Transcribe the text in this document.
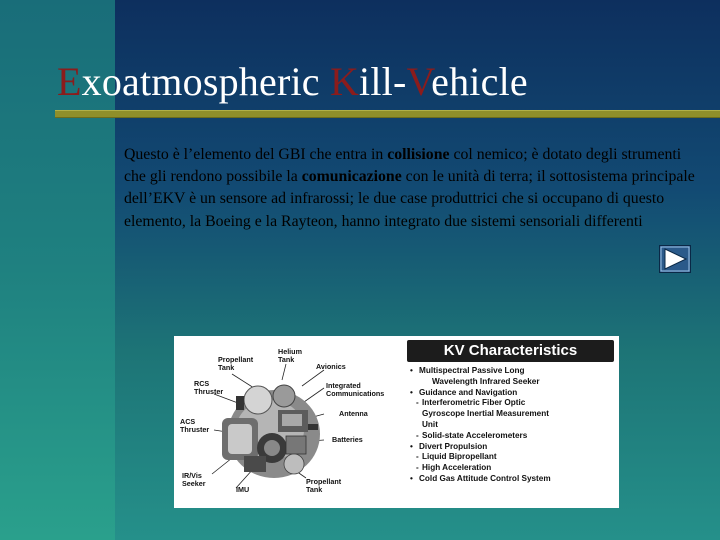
Exoatmospheric Kill-Vehicle

Questo è l’elemento del GBI che entra in collisione col nemico; è dotato degli strumenti che gli rendono possibile la comunicazione con le unità di terra; il sottosistema principale dell’EKV è un sensore ad infrarossi; le due case produttrici che si occupano di questo elemento, la Boeing e la Rayteon, hanno integrato due sistemi sensoriali differenti

Propellant
Tank
Helium
Tank
Avionics
RCS
Thruster
Integrated
Communications
Antenna
ACS
Thruster
Batteries
IR/Vis
Seeker
IMU
Propellant
Tank
KV Characteristics
• Multispectral Passive Long
Wavelength Infrared Seeker
• Guidance and Navigation
- Interferometric Fiber Optic
Gyroscope Inertial Measurement
Unit
- Solid-state Accelerometers
• Divert Propulsion
- Liquid Bipropellant
- High Acceleration
• Cold Gas Attitude Control System
